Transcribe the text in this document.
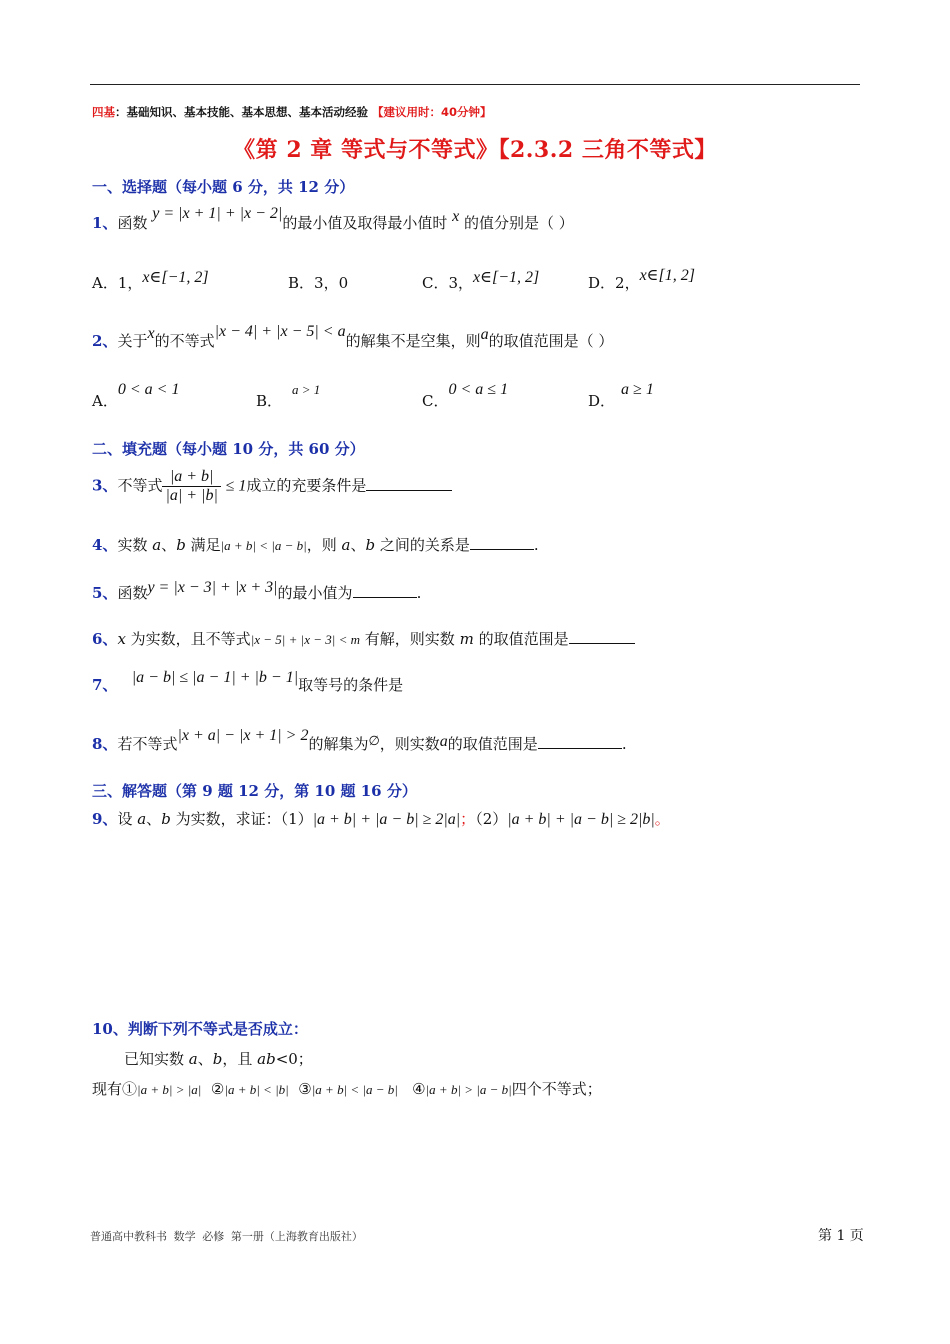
四基：基础知识、基本技能、基本思想、基本活动经验 【建议用时：40分钟】
《第 2 章 等式与不等式》【2.3.2 三角不等式】
一、选择题（每小题 6 分，共 12 分）
1、函数 y = |x + 1| + |x − 2|的最小值及取得最小值时 x 的值分别是（ ）
A．1，x∈[−1, 2]	B．3，0	C．3，x∈[−1, 2]	D．2，x∈[1, 2]
2、关于x的不等式|x − 4| + |x − 5| < a的解集不是空集，则a的取值范围是（ ）
A．0 < a < 1
B．a > 1
C．0 < a ≤ 1
D．a ≥ 1
二、填充题（每小题 10 分，共 60 分）
3、不等式 $\frac{|a + b|}{|a| + |b|} \le 1$成立的充要条件是
4、实数 a、b 满足|a + b| < |a − b|，则 a、b 之间的关系是	.
5、函数y = |x − 3| + |x + 3|的最小值为	.
6、x 为实数，且不等式|x − 5| + |x − 3| < m 有解，则实数 m 的取值范围是
7、 |a − b| ≤ |a − 1| + |b − 1|取等号的条件是
8、若不等式|x + a| − |x + 1| > 2的解集为∅，则实数a的取值范围是	.
三、解答题（第 9 题 12 分，第 10 题 16 分）
9、设 a、b 为实数，求证：（1）|a + b| + |a − b| ≥ 2|a|；（2）|a + b| + |a − b| ≥ 2|b|。
10、判断下列不等式是否成立：
已知实数 a、b，且 ab<0；
现有①|a + b| > |a| ②|a + b| < |b| ③|a + b| < |a − b| ④|a + b| > |a − b|四个不等式；
普通高中教科书 数学 必修 第一册（上海教育出版社）	第 1 页
